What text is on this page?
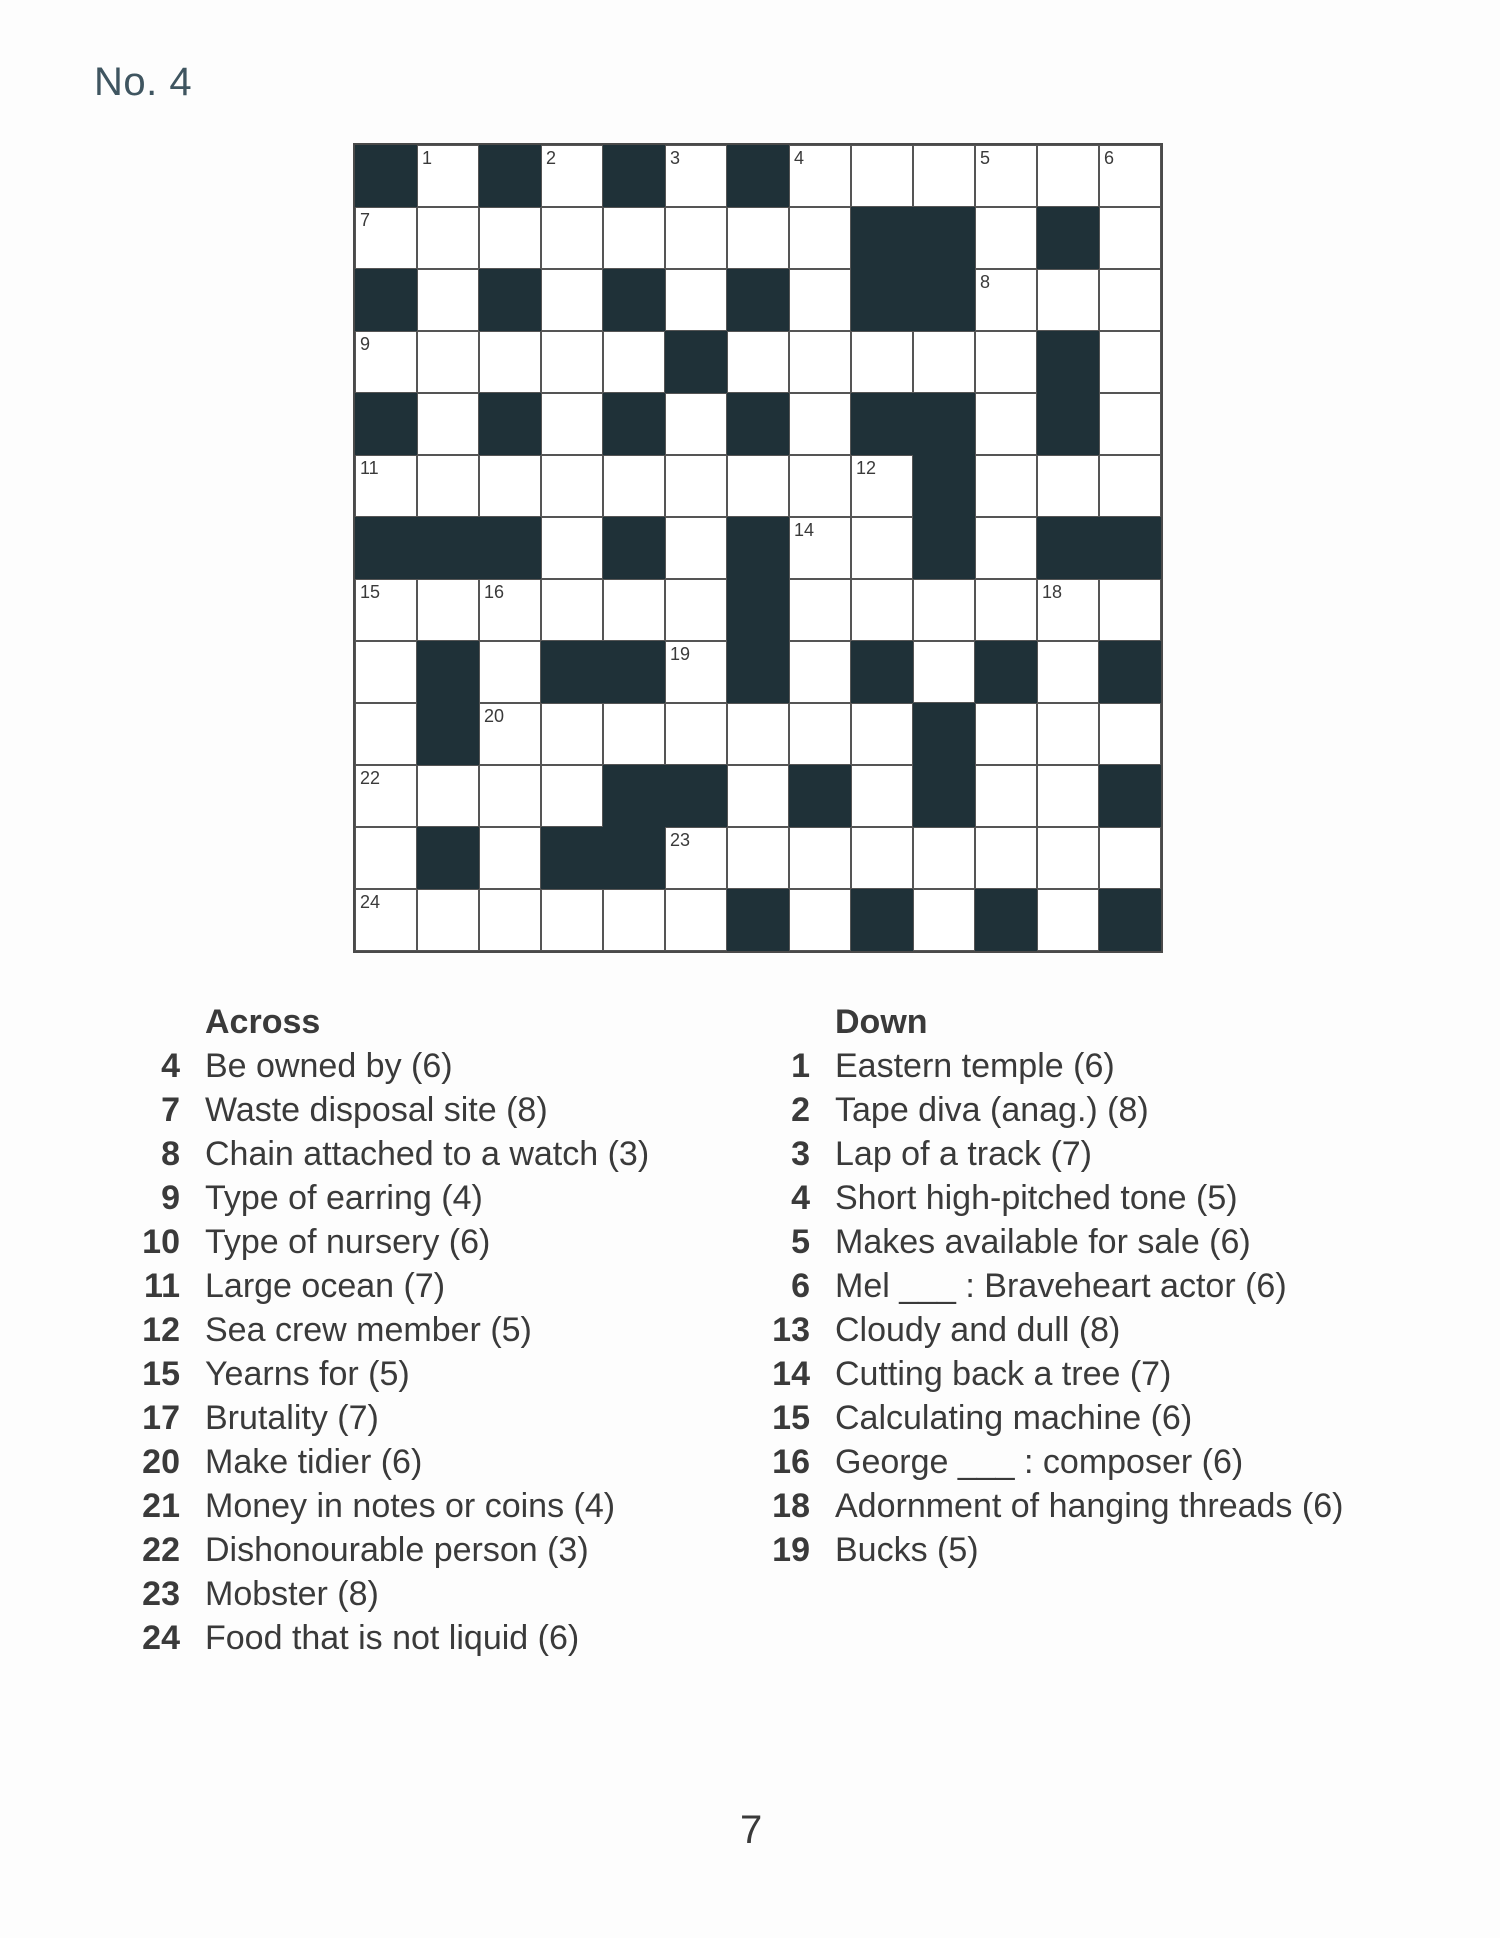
No. 4
1	2	3	4	5	6
7
8
9
11	12
14
15	16	18
19
20
22
23
24
Across
4 Be owned by (6)
7 Waste disposal site (8)
8 Chain attached to a watch (3)
9 Type of earring (4)
10 Type of nursery (6)
11 Large ocean (7)
12 Sea crew member (5)
15 Yearns for (5)
17 Brutality (7)
20 Make tidier (6)
21 Money in notes or coins (4)
22 Dishonourable person (3)
23 Mobster (8)
24 Food that is not liquid (6)
Down
1 Eastern temple (6)
2 Tape diva (anag.) (8)
3 Lap of a track (7)
4 Short high-pitched tone (5)
5 Makes available for sale (6)
6 Mel ___ : Braveheart actor (6)
13 Cloudy and dull (8)
14 Cutting back a tree (7)
15 Calculating machine (6)
16 George ___ : composer (6)
18 Adornment of hanging threads (6)
19 Bucks (5)
7
